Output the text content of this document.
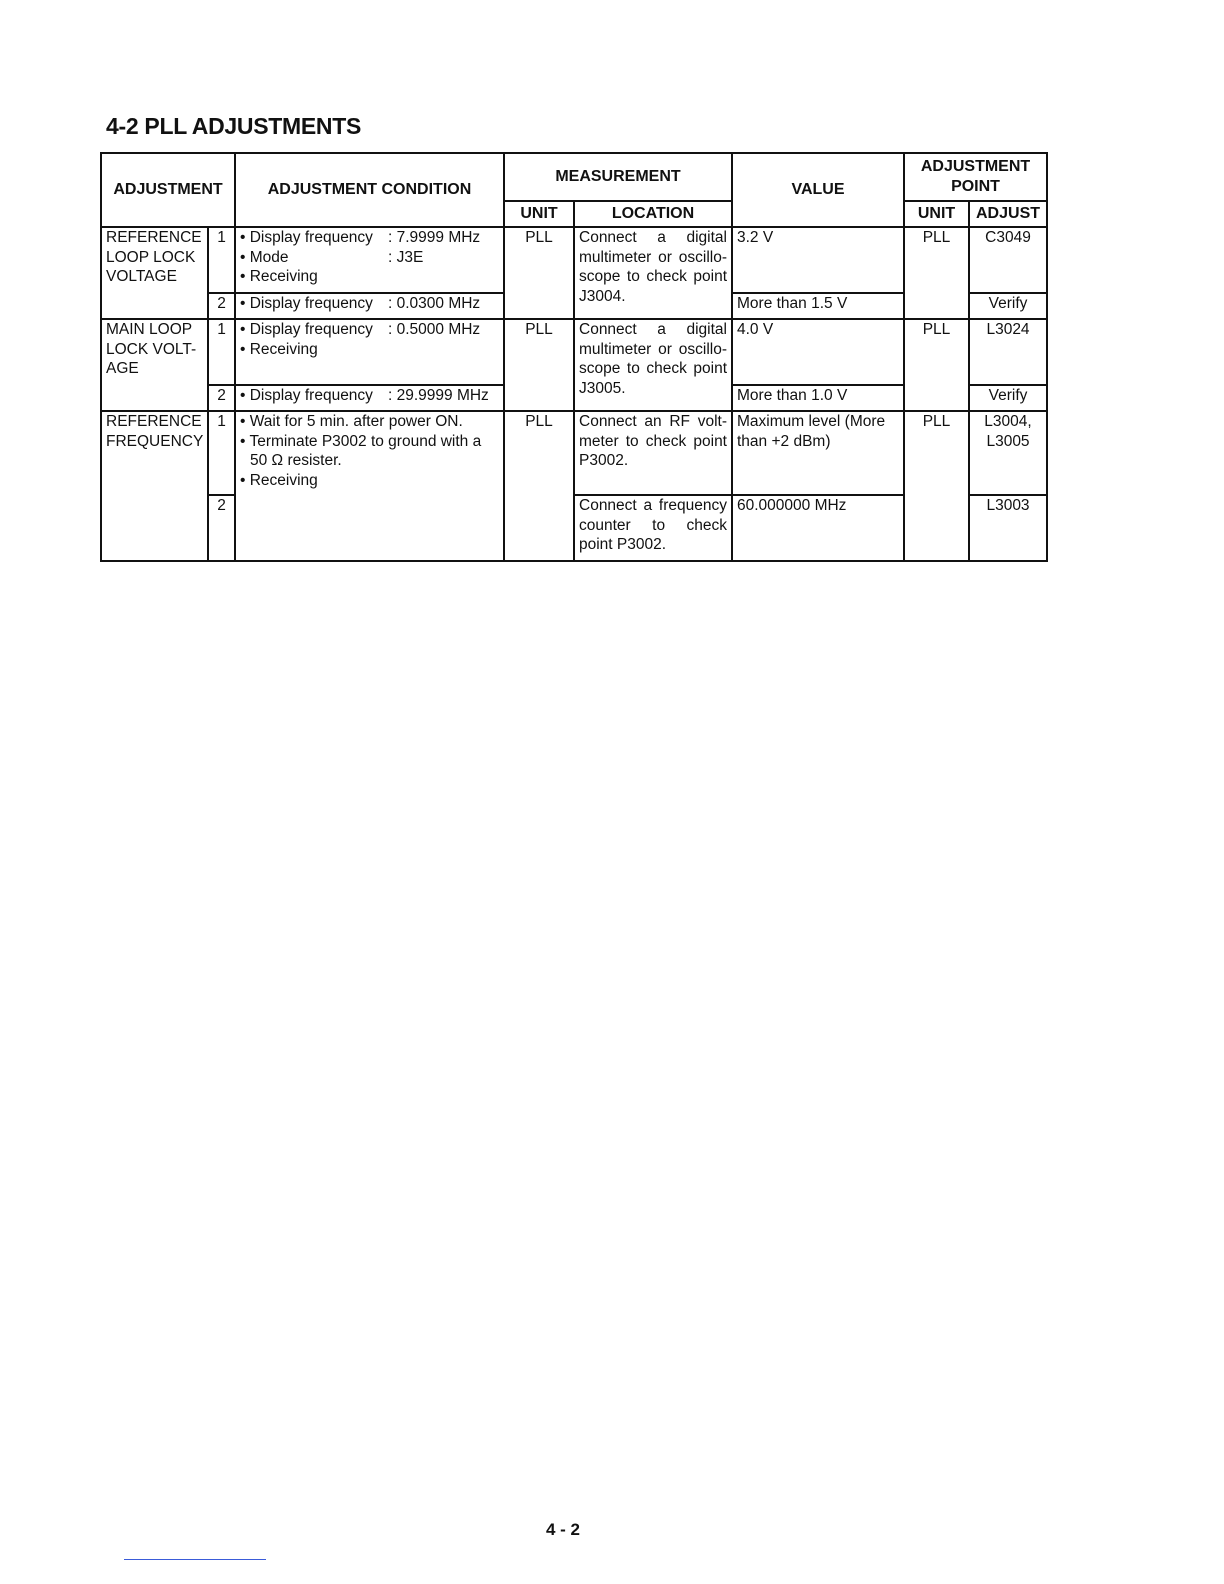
4-2 PLL ADJUSTMENTS
ADJUSTMENT		ADJUSTMENT CONDITION	MEASUREMENT		VALUE	ADJUSTMENT POINT	
			UNIT	LOCATION		UNIT	ADJUST
REFERENCE LOOP LOCK VOLTAGE	1	• Display frequency : 7.9999 MHz
• Mode : J3E
• Receiving	PLL	Connect a digital multimeter or oscillo-scope to check point J3004.	3.2 V	PLL	C3049
	2	• Display frequency : 0.0300 MHz			More than 1.5 V		Verify
MAIN LOOP LOCK VOLT-AGE	1	• Display frequency : 0.5000 MHz
• Receiving	PLL	Connect a digital multimeter or oscillo-scope to check point J3005.	4.0 V	PLL	L3024
	2	• Display frequency : 29.9999 MHz			More than 1.0 V		Verify
REFERENCE FREQUENCY	1	• Wait for 5 min. after power ON.
• Terminate P3002 to ground with a
50 Ω resister.
• Receiving	PLL	Connect an RF volt-meter to check point P3002.	Maximum level (More than +2 dBm)	PLL	L3004, L3005
	2			Connect a frequency counter to check point P3002.	60.000000 MHz		L3003
4 - 2
